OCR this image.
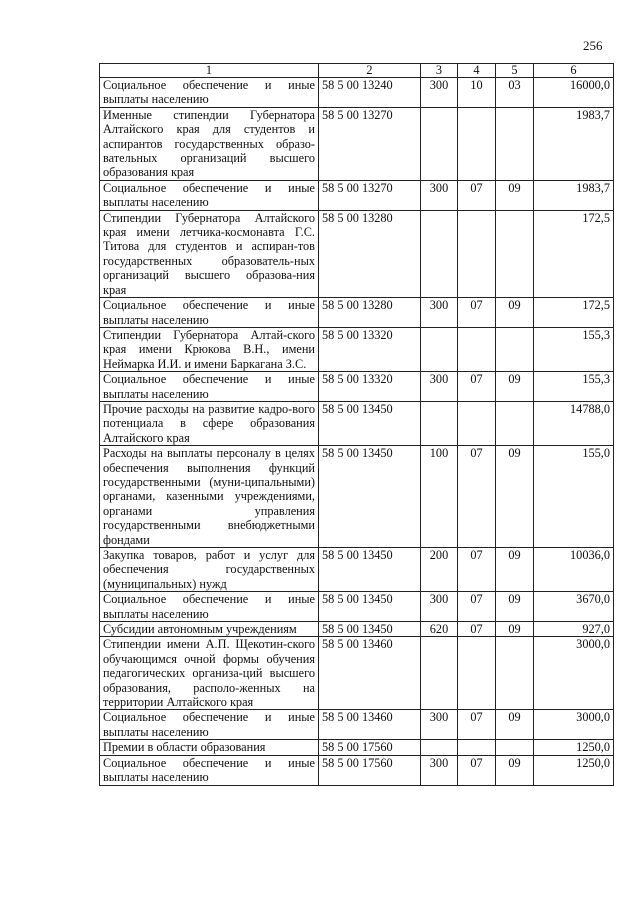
256
1	2	3	4	5	6
Социальное обеспечение и иные выплаты населению	58 5 00 13240	300	10	03	16000,0
Именные стипендии Губернатора Алтайского края для студентов и аспирантов государственных образо-вательных организаций высшего образования края	58 5 00 13270				1983,7
Социальное обеспечение и иные выплаты населению	58 5 00 13270	300	07	09	1983,7
Стипендии Губернатора Алтайского края имени летчика-космонавта Г.С. Титова для студентов и аспиран-тов государственных образователь-ных организаций высшего образова-ния края	58 5 00 13280				172,5
Социальное обеспечение и иные выплаты населению	58 5 00 13280	300	07	09	172,5
Стипендии Губернатора Алтай-ского края имени Крюкова В.Н., имени Неймарка И.И. и имени Баркагана З.С.	58 5 00 13320				155,3
Социальное обеспечение и иные выплаты населению	58 5 00 13320	300	07	09	155,3
Прочие расходы на развитие кадро-вого потенциала в сфере образования Алтайского края	58 5 00 13450				14788,0
Расходы на выплаты персоналу в целях обеспечения выполнения функций государственными (муни-ципальными) органами, казенными учреждениями, органами управления государственными внебюджетными фондами	58 5 00 13450	100	07	09	155,0
Закупка товаров, работ и услуг для обеспечения государственных (муниципальных) нужд	58 5 00 13450	200	07	09	10036,0
Социальное обеспечение и иные выплаты населению	58 5 00 13450	300	07	09	3670,0
Субсидии автономным учреждениям	58 5 00 13450	620	07	09	927,0
Стипендии имени А.П. Щекотин-ского обучающимся очной формы обучения педагогических организа-ций высшего образования, располо-женных на территории Алтайского края	58 5 00 13460				3000,0
Социальное обеспечение и иные выплаты населению	58 5 00 13460	300	07	09	3000,0
Премии в области образования	58 5 00 17560				1250,0
Социальное обеспечение и иные выплаты населению	58 5 00 17560	300	07	09	1250,0
